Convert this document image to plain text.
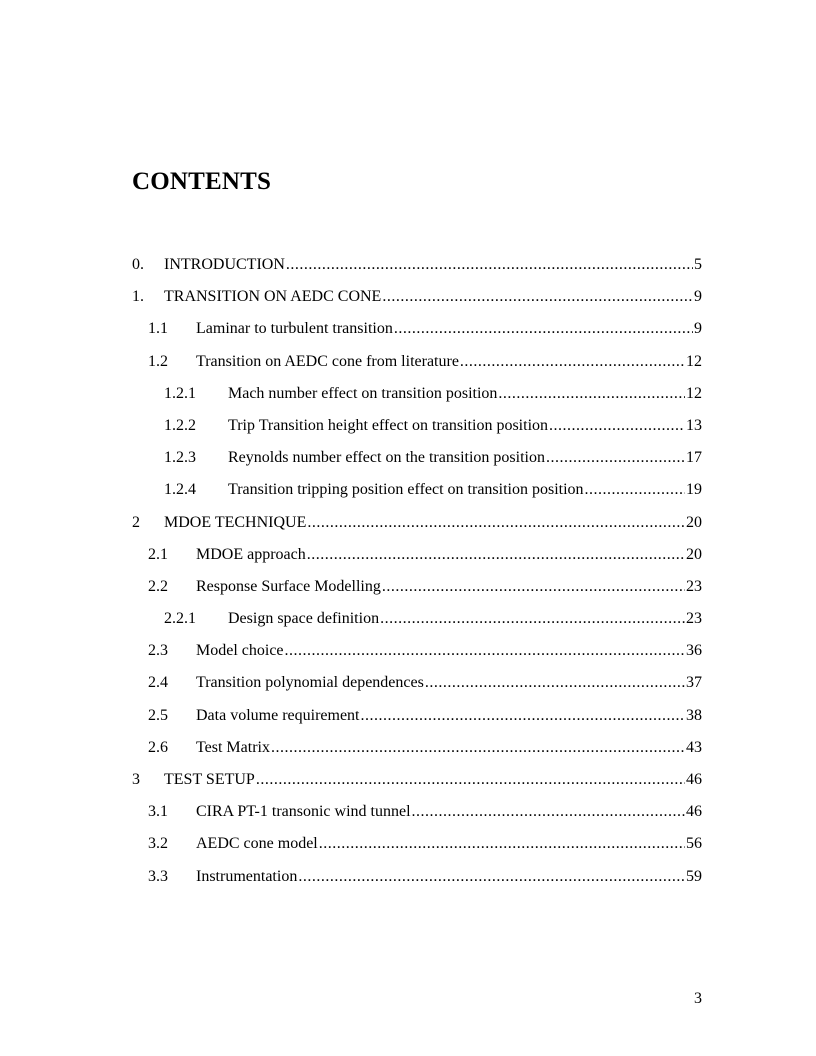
CONTENTS
0. INTRODUCTION .....	5
1. TRANSITION ON AEDC CONE .....	9
1.1 Laminar to turbulent transition .....	9
1.2 Transition on AEDC cone from literature .....	12
1.2.1 Mach number effect on transition position .....	12
1.2.2 Trip Transition height effect on transition position .....	13
1.2.3 Reynolds number effect on the transition position .....	17
1.2.4 Transition tripping position effect on transition position .....	19
2 MDOE TECHNIQUE .....	20
2.1 MDOE approach .....	20
2.2 Response Surface Modelling .....	23
2.2.1 Design space definition .....	23
2.3 Model choice .....	36
2.4 Transition polynomial dependences .....	37
2.5 Data volume requirement .....	38
2.6 Test Matrix .....	43
3 TEST SETUP .....	46
3.1 CIRA PT-1 transonic wind tunnel .....	46
3.2 AEDC cone model .....	56
3.3 Instrumentation .....	59
3
